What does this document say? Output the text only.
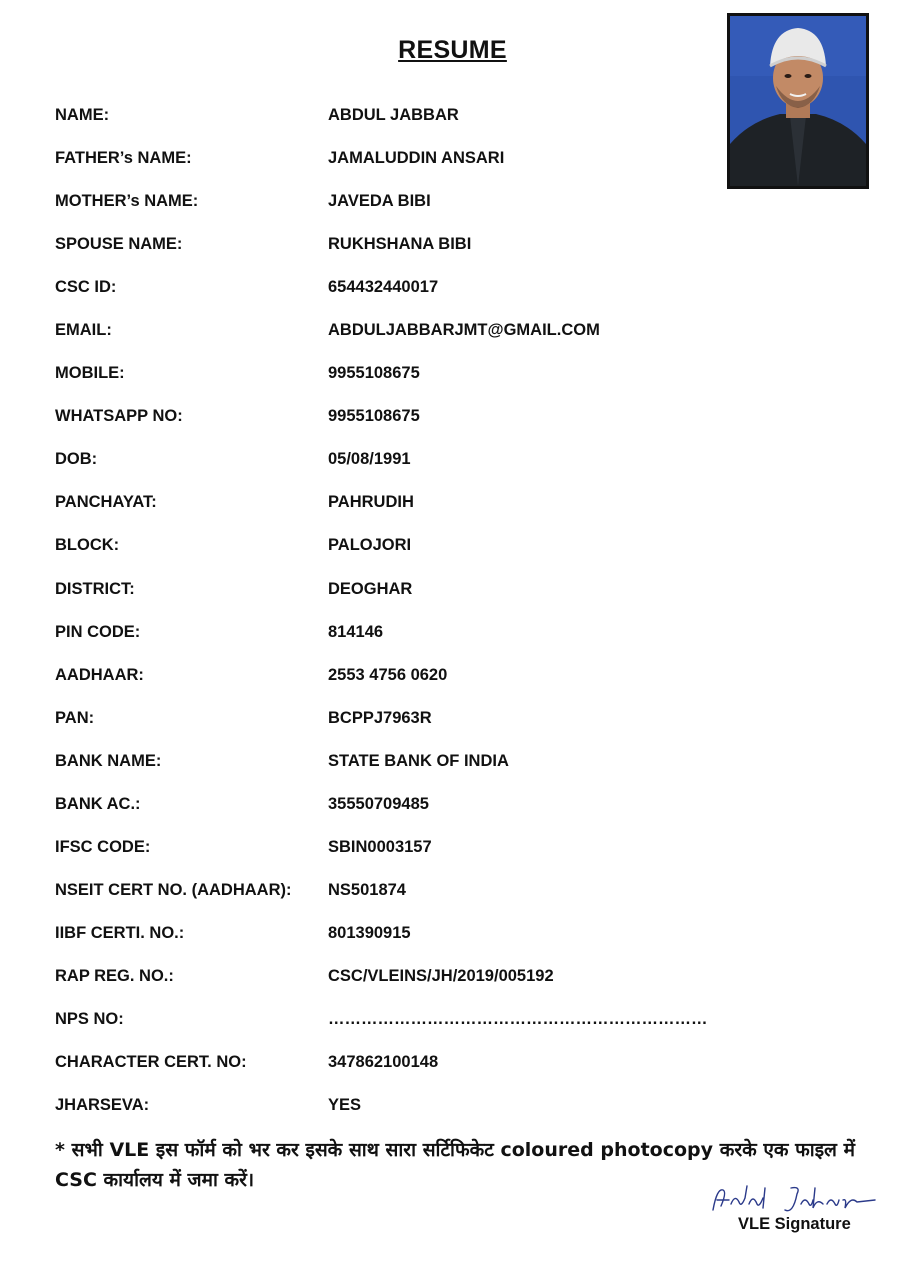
RESUME
NAME:	ABDUL JABBAR
FATHER’s NAME:	JAMALUDDIN ANSARI
MOTHER’s NAME:	JAVEDA BIBI
SPOUSE NAME:	RUKHSHANA BIBI
CSC ID:	654432440017
EMAIL:	ABDULJABBARJMT@GMAIL.COM
MOBILE:	9955108675
WHATSAPP NO:	9955108675
DOB:	05/08/1991
PANCHAYAT:	PAHRUDIH
BLOCK:	PALOJORI
DISTRICT:	DEOGHAR
PIN CODE:	814146
AADHAAR:	2553 4756 0620
PAN:	BCPPJ7963R
BANK NAME:	STATE BANK OF INDIA
BANK AC.:	35550709485
IFSC CODE:	SBIN0003157
NSEIT CERT NO. (AADHAAR): NS501874
IIBF CERTI. NO.:	801390915
RAP REG. NO.:	CSC/VLEINS/JH/2019/005192
NPS NO:	……………………………………………………………
CHARACTER CERT. NO:	347862100148
JHARSEVA:	YES
* सभी VLE इस फॉर्म को भर कर इसके साथ सारा सर्टिफिकेट coloured photocopy करके एक फाइल में CSC कार्यालय में जमा करें।
VLE Signature
